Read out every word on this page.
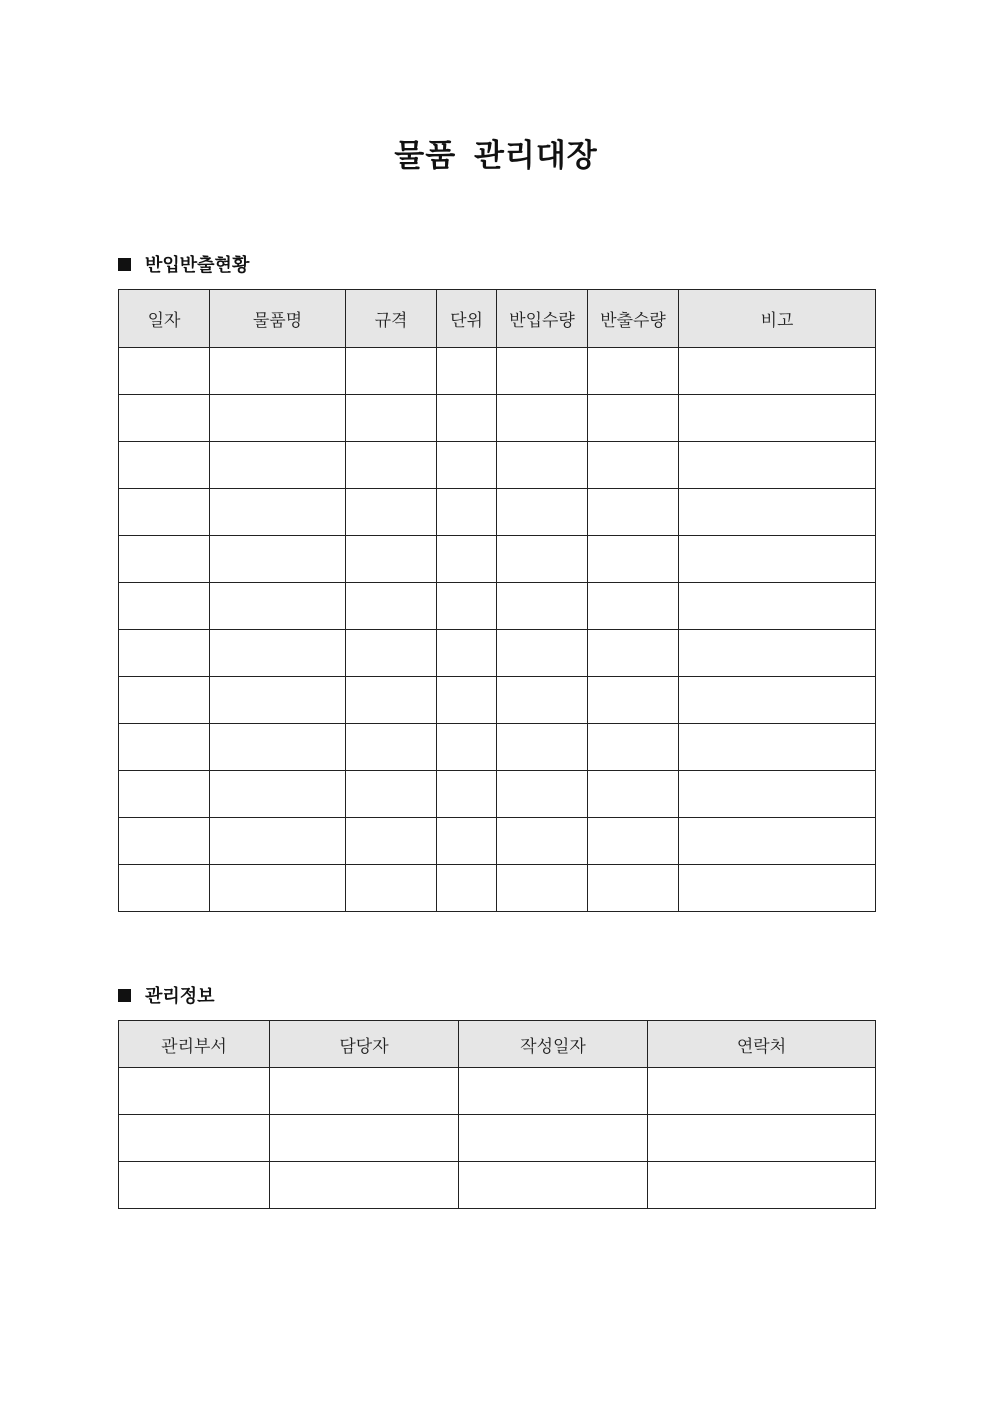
물품 관리대장
반입반출현황
일자	물품명	규격	단위	반입수량	반출수량	비고

관리정보
관리부서	담당자	작성일자	연락처
